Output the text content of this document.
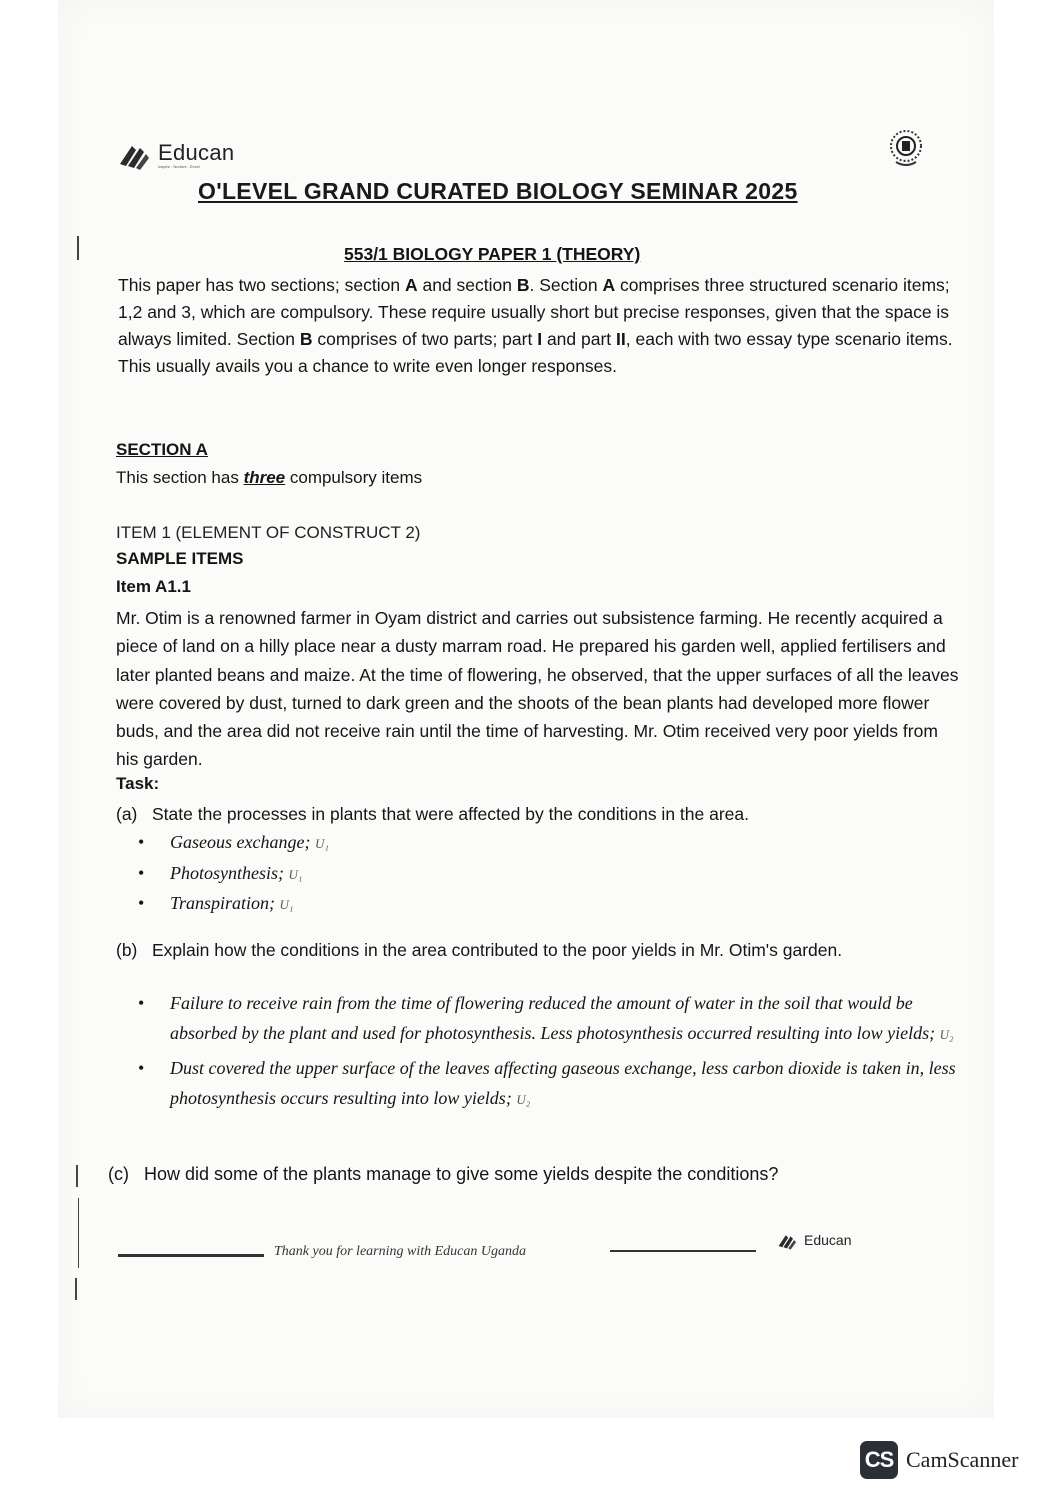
Educan
Inspire . Nurture . Excel
O'LEVEL GRAND CURATED BIOLOGY SEMINAR 2025
553/1 BIOLOGY PAPER 1 (THEORY)

This paper has two sections; section A and section B. Section A comprises three structured scenario items; 1,2 and 3, which are compulsory. These require usually short but precise responses, given that the space is always limited. Section B comprises of two parts; part I and part II, each with two essay type scenario items. This usually avails you a chance to write even longer responses.

SECTION A

This section has three compulsory items

ITEM 1 (ELEMENT OF CONSTRUCT 2)

SAMPLE ITEMS

Item A1.1

Mr. Otim is a renowned farmer in Oyam district and carries out subsistence farming. He recently acquired a piece of land on a hilly place near a dusty marram road. He prepared his garden well, applied fertilisers and later planted beans and maize. At the time of flowering, he observed, that the upper surfaces of all the leaves were covered by dust, turned to dark green and the shoots of the bean plants had developed more flower buds, and the area did not receive rain until the time of harvesting. Mr. Otim received very poor yields from his garden.

Task:

(a) State the processes in plants that were affected by the conditions in the area.

• Gaseous exchange; U₁
• Photosynthesis; U₁
• Transpiration; U₁

(b) Explain how the conditions in the area contributed to the poor yields in Mr. Otim's garden.

• Failure to receive rain from the time of flowering reduced the amount of water in the soil that would be absorbed by the plant and used for photosynthesis. Less photosynthesis occurred resulting into low yields; U₂
• Dust covered the upper surface of the leaves affecting gaseous exchange, less carbon dioxide is taken in, less photosynthesis occurs resulting into low yields; U₂

(c) How did some of the plants manage to give some yields despite the conditions?

Thank you for learning with Educan Uganda

Educan
CS CamScanner
